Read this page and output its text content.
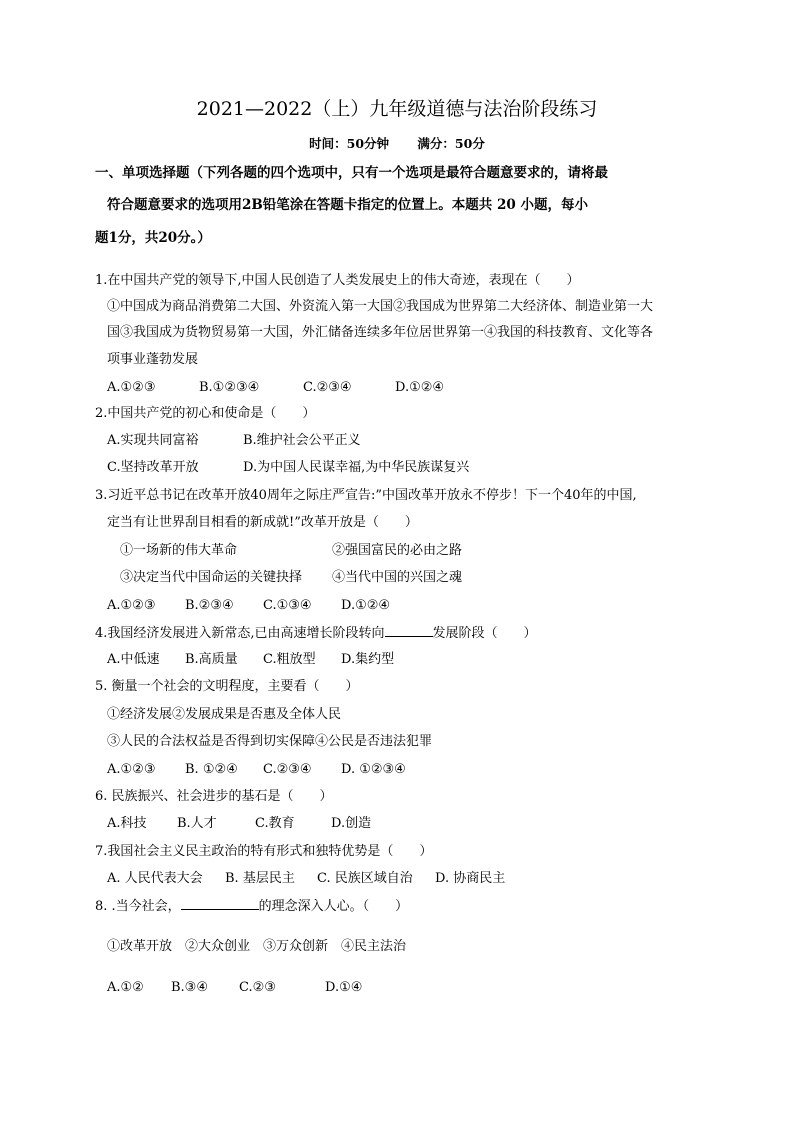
2021—2022（上）九年级道德与法治阶段练习
时间：50分钟 满分：50分
一、单项选择题（下列各题的四个选项中，只有一个选项是最符合题意要求的，请将最
符合题意要求的选项用2B铅笔涂在答题卡指定的位置上。本题共 20 小题，每小
题1分，共20分。）
1.在中国共产党的领导下,中国人民创造了人类发展史上的伟大奇迹，表现在（　　）
①中国成为商品消费第二大国、外资流入第一大国②我国成为世界第二大经济体、制造业第一大
国③我国成为货物贸易第一大国，外汇储备连续多年位居世界第一④我国的科技教育、文化等各
项事业蓬勃发展
A.①②③	B.①②③④	C.②③④	D.①②④
2.中国共产党的初心和使命是（　　）
A.实现共同富裕	B.维护社会公平正义
C.坚持改革开放	D.为中国人民谋幸福,为中华民族谋复兴
3.习近平总书记在改革开放40周年之际庄严宣告:”中国改革开放永不停步！下一个40年的中国,
定当有让世界刮目相看的新成就!”改革开放是（　　）
①一场新的伟大革命	②强国富民的必由之路
③决定当代中国命运的关键抉择 ④当代中国的兴国之魂
A.①②③ B.②③④ C.①③④ D.①②④
4.我国经济发展进入新常态,已由高速增长阶段转向	发展阶段（　　）
A.中低速 B.高质量 C.粗放型 D.集约型
5. 衡量一个社会的文明程度，主要看（　　）
①经济发展②发展成果是否惠及全体人民
③人民的合法权益是否得到切实保障④公民是否违法犯罪
A.①②③ B. ①②④ C.②③④ D. ①②③④
6. 民族振兴、社会进步的基石是（　　）
A.科技 B.人才	C.教育	D.创造
7.我国社会主义民主政治的特有形式和独特优势是（　　）
A. 人民代表大会 B. 基层民主 C. 民族区域自治 D. 协商民主
8. .当今社会，	的理念深入人心。（　　）
①改革开放　②大众创业　③万众创新　④民主法治
A.①② B.③④ C.②③	D.①④
